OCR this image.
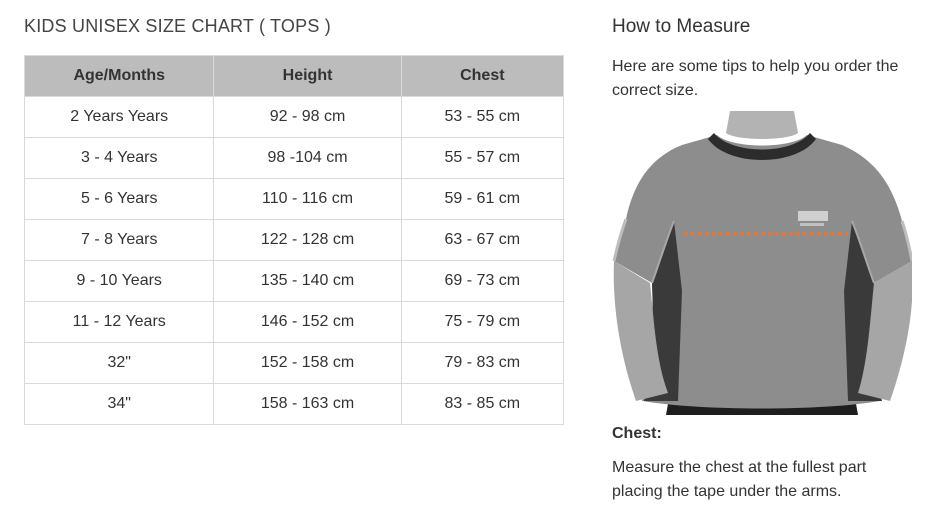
KIDS UNISEX SIZE CHART ( TOPS )
Age/Months	Height	Chest
2 Years Years	92 - 98 cm	53 - 55 cm
3 - 4 Years	98 -104 cm	55 - 57 cm
5 - 6 Years	110 - 116 cm	59 - 61 cm
7 - 8 Years	122 - 128 cm	63 - 67 cm
9 - 10 Years	135 - 140 cm	69 - 73 cm
11 - 12 Years	146 - 152 cm	75 - 79 cm
32"	152 - 158 cm	79 - 83 cm
34"	158 - 163 cm	83 - 85 cm
How to Measure
Here are some tips to help you order the correct size.
Chest:
Measure the chest at the fullest part placing the tape under the arms.
